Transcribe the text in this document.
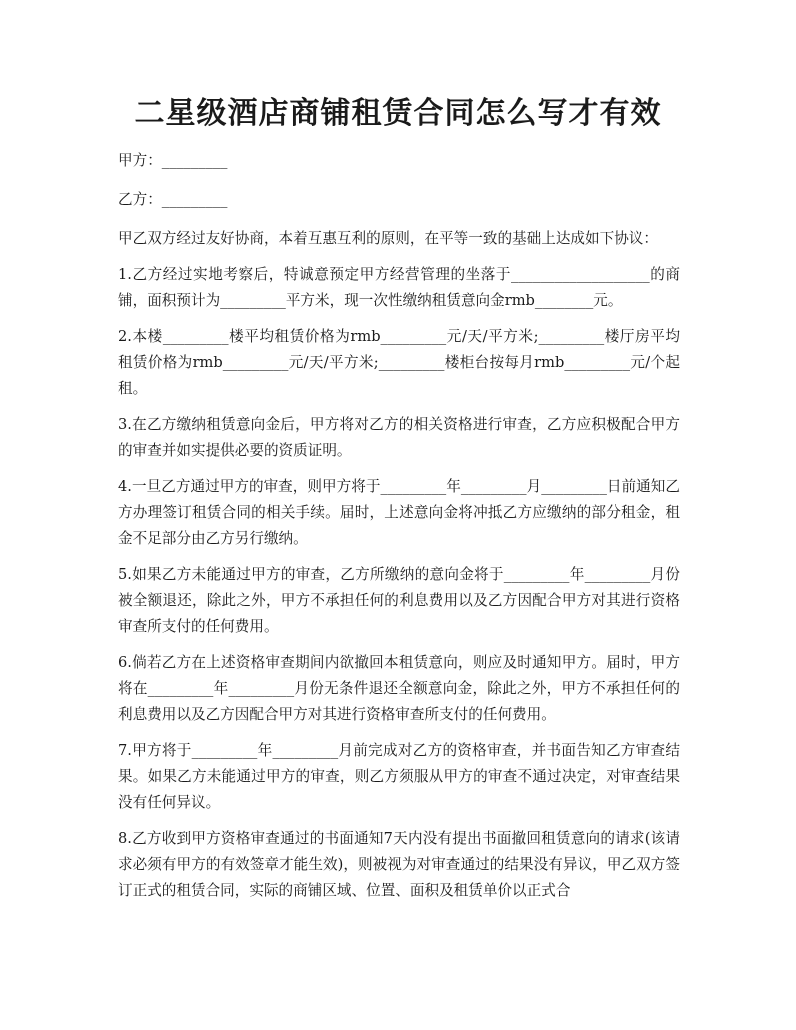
二星级酒店商铺租赁合同怎么写才有效

甲方：_________

乙方：_________

甲乙双方经过友好协商，本着互惠互利的原则，在平等一致的基础上达成如下协议：

1.乙方经过实地考察后，特诚意预定甲方经营管理的坐落于___________________的商铺，面积预计为_________平方米，现一次性缴纳租赁意向金rmb________元。

2.本楼_________楼平均租赁价格为rmb_________元/天/平方米;_________楼厅房平均租赁价格为rmb_________元/天/平方米;_________楼柜台按每月rmb_________元/个起租。

3.在乙方缴纳租赁意向金后，甲方将对乙方的相关资格进行审查，乙方应积极配合甲方的审查并如实提供必要的资质证明。

4.一旦乙方通过甲方的审查，则甲方将于_________年_________月_________日前通知乙方办理签订租赁合同的相关手续。届时，上述意向金将冲抵乙方应缴纳的部分租金，租金不足部分由乙方另行缴纳。

5.如果乙方未能通过甲方的审查，乙方所缴纳的意向金将于_________年_________月份被全额退还，除此之外，甲方不承担任何的利息费用以及乙方因配合甲方对其进行资格审查所支付的任何费用。

6.倘若乙方在上述资格审查期间内欲撤回本租赁意向，则应及时通知甲方。届时，甲方将在_________年_________月份无条件退还全额意向金，除此之外，甲方不承担任何的利息费用以及乙方因配合甲方对其进行资格审查所支付的任何费用。

7.甲方将于_________年_________月前完成对乙方的资格审查，并书面告知乙方审查结果。如果乙方未能通过甲方的审查，则乙方须服从甲方的审查不通过决定，对审查结果没有任何异议。

8.乙方收到甲方资格审查通过的书面通知7天内没有提出书面撤回租赁意向的请求(该请求必须有甲方的有效签章才能生效)，则被视为对审查通过的结果没有异议，甲乙双方签订正式的租赁合同，实际的商铺区域、位置、面积及租赁单价以正式合
